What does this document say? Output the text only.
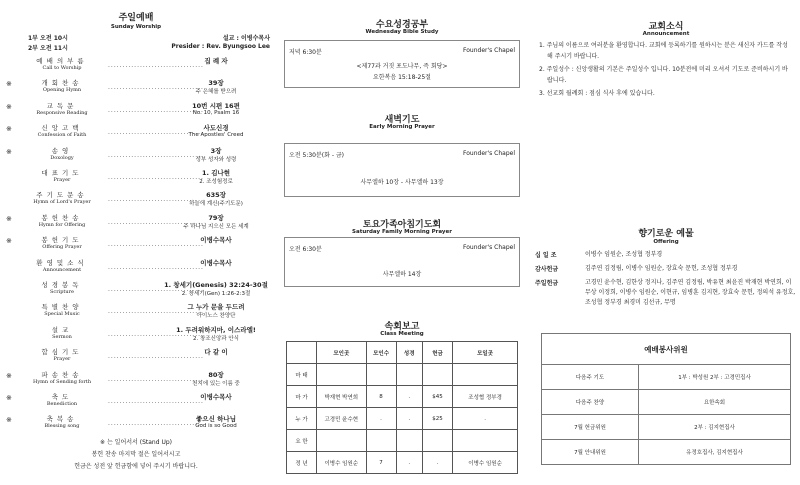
주일예배
Sunday Worship
1부 오전 10시
2부 오전 11시
설교 : 이병수목사
Presider : Rev. Byungsoo Lee
예배의부름
Call to Worship	.................................
집 례 자
※	개회찬송
Opening Hymn	.................................
39장
주 은혜를 받으려
※	교독문
Responsive Reading	.................................
10번 시편 16편
No. 10, Psalm 16
※	신앙고백
Confession of Faith	.................................
사도신경
The Apostles' Creed
※	송영
Doxology	.................................
3장
성부 성자와 성령
대표기도
Prayer	.................................
1. 김나현
2. 조성험정로
주기도문송
Hymn of Lord's Prayer	.................................
635장
하늘에 계신(주기도문)
※	봉헌찬송
Hymn for Offering	.................................
79장
주 하나님 지으신 모든 세계
※	봉헌기도
Offering Prayer	.................................
이병수목사
환영및소식
Announcement	.................................
이병수목사
성경봉독
Scripture	.................................
1. 창세기(Genesis) 32:24-30절
2. 창세기(Gen) 1:26-2:3절
특별찬양
Special Music	.................................
그 누가 문을 두드려
아이노스 찬양단
설교
Sermon	.................................
1. 두려워하지마, 이스라엘!
2. 창조신앙과 안식
합심기도
Prayer	.................................
다 같 이
※	파송찬송
Hymn of Sending forth	.................................
80장
천지에 있는 이름 중
※	축도
Benediction	.................................
이병수목사
※	축복송
Blessing song	.................................
좋으신 하나님
God is so Good
※ 는 일어서서 (Stand Up)
봉헌 찬송 마지막 절은 일어서시고
헌금은 성전 앞 헌금함에 넣어 주시기 바랍니다.
수요성경공부
Wednesday Bible Study
저녁 6:30분	Founder's Chapel
<제77과 거짓 포도나무, 즉 회당>
요한복음 15:18-25절
새벽기도
Early Morning Prayer
오전 5:30분(화 - 금)	Founder's Chapel
사무엘하 10장 - 사무엘하 13장
토요가족아침기도회
Saturday Family Morning Prayer
오전 6:30분	Founder's Chapel
사무엘하 14장
속회보고
Class Meeting
	모인곳	모인수	성경	헌금	모일곳
마 태					
마 가	박재현 박연희	8	.	$45	조성협 정부경
누 가	고경민 윤수현	.	.	$25	.
요 한					
정 년	이병수 임원순	7	.	.	이병수 임원순
교회소식
Announcement
1. 주님의 이름으로 여러분을 환영합니다. 교회에 등록하기를 원하시는 분은 새신자 카드를 작성해 주시기 바랍니다.
2. 주일성수 : 신앙생활의 기본은 주일성수 입니다. 10분전에 미리 오셔서 기도로 준비하시기 바랍니다.
3. 선교회 월례회 : 점심 식사 후에 있습니다.
향기로운 예물
Offering
십 일 조	이병수 임원순, 조성협 정부경
감사헌금	김주연 김정림, 이병수 임원순, 장효숙 문헌, 조성협 정부경
주일헌금	고경민 윤수현, 김한상 정지나, 김주연 김정림, 박유현 최윤진 박재현 박연희, 이무상 이정희, 이병수 임원순, 이현규, 임병훈 김지현, 장효숙 문헌, 정의석 유정호, 조성협 정부경 최경미 김선규, 무명
예배봉사위원	
다음주 기도	1부 : 박성원 2부 : 고경민집사
다음주 찬양	요한속회
7월 헌금위원	2부 : 김지현집사
7월 안내위원	유정호집사, 김지현집사
